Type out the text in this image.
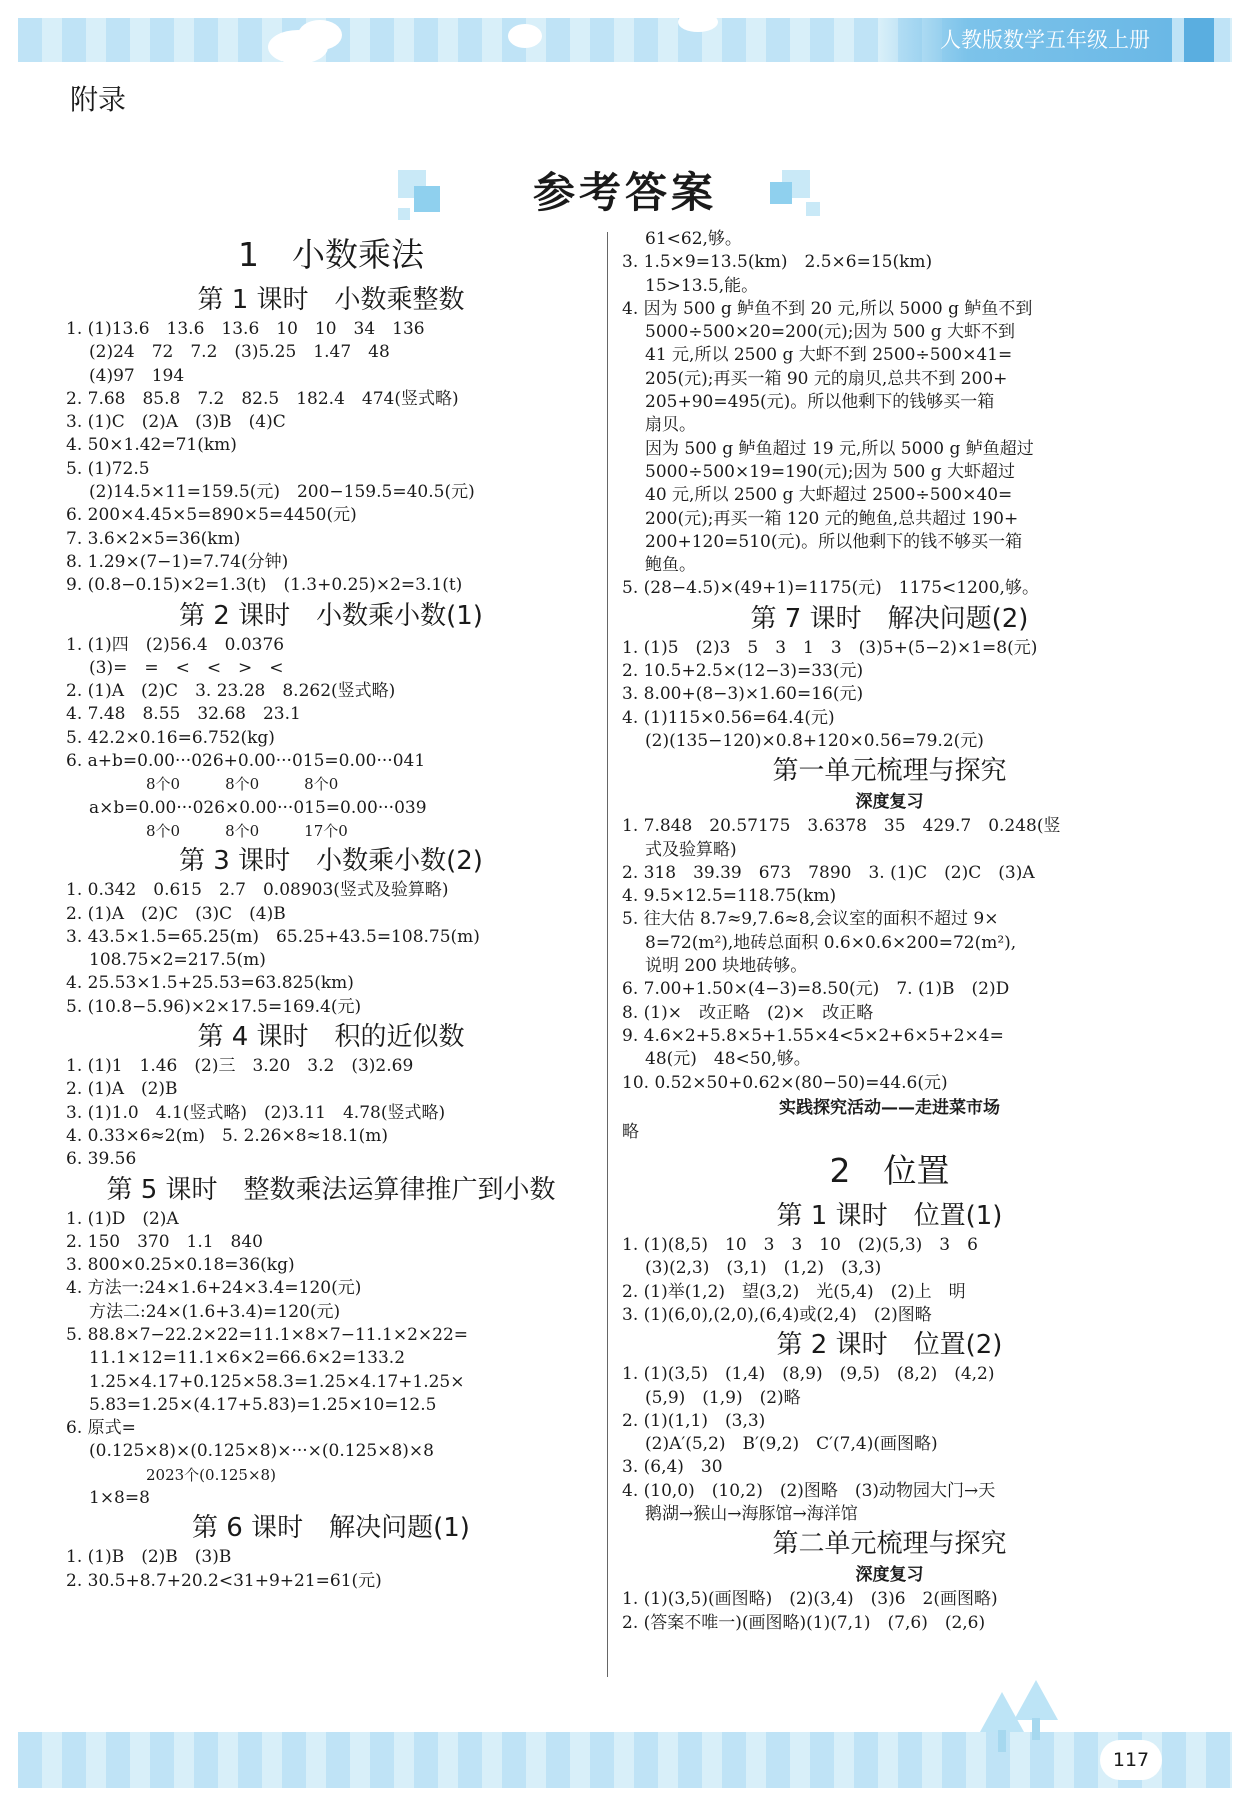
人教版数学五年级上册
附录
参考答案
1　小数乘法
第 1 课时　小数乘整数
1. (1)13.6　13.6　13.6　10　10　34　136
(2)24　72　7.2　(3)5.25　1.47　48
(4)97　194
2. 7.68　85.8　7.2　82.5　182.4　474(竖式略)
3. (1)C　(2)A　(3)B　(4)C
4. 50×1.42=71(km)
5. (1)72.5
(2)14.5×11=159.5(元)　200−159.5=40.5(元)
6. 200×4.45×5=890×5=4450(元)
7. 3.6×2×5=36(km)
8. 1.29×(7−1)=7.74(分钟)
9. (0.8−0.15)×2=1.3(t)　(1.3+0.25)×2=3.1(t)
第 2 课时　小数乘小数(1)
1. (1)四　(2)56.4　0.0376
(3)=　=　<　<　>　<
2. (1)A　(2)C　3. 23.28　8.262(竖式略)
4. 7.48　8.55　32.68　23.1
5. 42.2×0.16=6.752(kg)
6. a+b=0.00···026+0.00···015=0.00···041
8个0　　　8个0　　　8个0
a×b=0.00···026×0.00···015=0.00···039
8个0　　　8个0　　　17个0
第 3 课时　小数乘小数(2)
1. 0.342　0.615　2.7　0.08903(竖式及验算略)
2. (1)A　(2)C　(3)C　(4)B
3. 43.5×1.5=65.25(m)　65.25+43.5=108.75(m)
108.75×2=217.5(m)
4. 25.53×1.5+25.53=63.825(km)
5. (10.8−5.96)×2×17.5=169.4(元)
第 4 课时　积的近似数
1. (1)1　1.46　(2)三　3.20　3.2　(3)2.69
2. (1)A　(2)B
3. (1)1.0　4.1(竖式略)　(2)3.11　4.78(竖式略)
4. 0.33×6≈2(m)　5. 2.26×8≈18.1(m)
6. 39.56
第 5 课时　整数乘法运算律推广到小数
1. (1)D　(2)A
2. 150　370　1.1　840
3. 800×0.25×0.18=36(kg)
4. 方法一:24×1.6+24×3.4=120(元)
方法二:24×(1.6+3.4)=120(元)
5. 88.8×7−22.2×22=11.1×8×7−11.1×2×22=
11.1×12=11.1×6×2=66.6×2=133.2
1.25×4.17+0.125×58.3=1.25×4.17+1.25×
5.83=1.25×(4.17+5.83)=1.25×10=12.5
6. 原式=
(0.125×8)×(0.125×8)×···×(0.125×8)×8
2023个(0.125×8)
1×8=8
第 6 课时　解决问题(1)
1. (1)B　(2)B　(3)B
2. 30.5+8.7+20.2<31+9+21=61(元)
61<62,够。
3. 1.5×9=13.5(km)　2.5×6=15(km)
15>13.5,能。
4. 因为 500 g 鲈鱼不到 20 元,所以 5000 g 鲈鱼不到
5000÷500×20=200(元);因为 500 g 大虾不到
41 元,所以 2500 g 大虾不到 2500÷500×41=
205(元);再买一箱 90 元的扇贝,总共不到 200+
205+90=495(元)。所以他剩下的钱够买一箱
扇贝。
因为 500 g 鲈鱼超过 19 元,所以 5000 g 鲈鱼超过
5000÷500×19=190(元);因为 500 g 大虾超过
40 元,所以 2500 g 大虾超过 2500÷500×40=
200(元);再买一箱 120 元的鲍鱼,总共超过 190+
200+120=510(元)。所以他剩下的钱不够买一箱
鲍鱼。
5. (28−4.5)×(49+1)=1175(元)　1175<1200,够。
第 7 课时　解决问题(2)
1. (1)5　(2)3　5　3　1　3　(3)5+(5−2)×1=8(元)
2. 10.5+2.5×(12−3)=33(元)
3. 8.00+(8−3)×1.60=16(元)
4. (1)115×0.56=64.4(元)
(2)(135−120)×0.8+120×0.56=79.2(元)
第一单元梳理与探究
深度复习
1. 7.848　20.57175　3.6378　35　429.7　0.248(竖
式及验算略)
2. 318　39.39　673　7890　3. (1)C　(2)C　(3)A
4. 9.5×12.5=118.75(km)
5. 往大估 8.7≈9,7.6≈8,会议室的面积不超过 9×
8=72(m²),地砖总面积 0.6×0.6×200=72(m²),
说明 200 块地砖够。
6. 7.00+1.50×(4−3)=8.50(元)　7. (1)B　(2)D
8. (1)×　改正略　(2)×　改正略
9. 4.6×2+5.8×5+1.55×4<5×2+6×5+2×4=
48(元)　48<50,够。
10. 0.52×50+0.62×(80−50)=44.6(元)
实践探究活动——走进菜市场
略
2　位置
第 1 课时　位置(1)
1. (1)(8,5)　10　3　3　10　(2)(5,3)　3　6
(3)(2,3)　(3,1)　(1,2)　(3,3)
2. (1)举(1,2)　望(3,2)　光(5,4)　(2)上　明
3. (1)(6,0),(2,0),(6,4)或(2,4)　(2)图略
第 2 课时　位置(2)
1. (1)(3,5)　(1,4)　(8,9)　(9,5)　(8,2)　(4,2)
(5,9)　(1,9)　(2)略
2. (1)(1,1)　(3,3)
(2)A′(5,2)　B′(9,2)　C′(7,4)(画图略)
3. (6,4)　30
4. (10,0)　(10,2)　(2)图略　(3)动物园大门→天
鹅湖→猴山→海豚馆→海洋馆
第二单元梳理与探究
深度复习
1. (1)(3,5)(画图略)　(2)(3,4)　(3)6　2(画图略)
2. (答案不唯一)(画图略)(1)(7,1)　(7,6)　(2,6)
117
